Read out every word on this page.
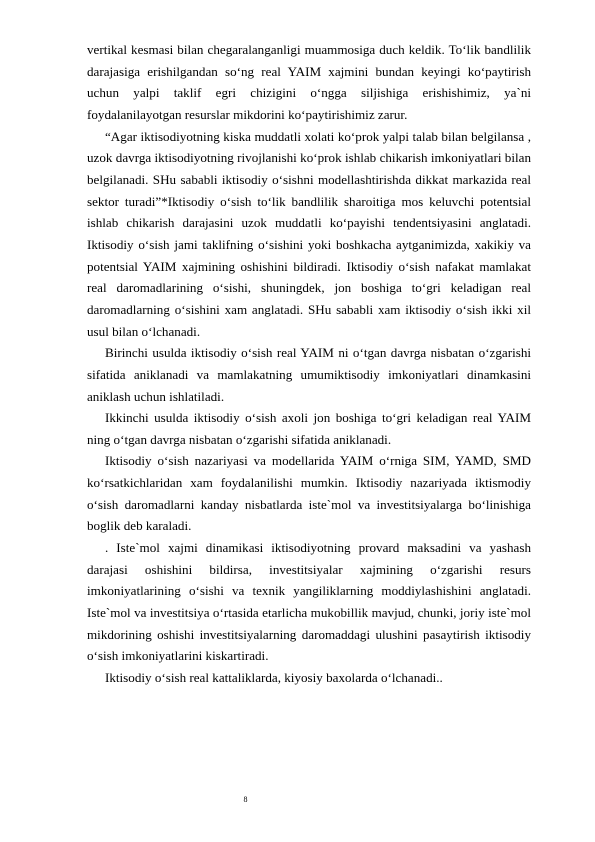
vertikal kesmasi bilan chegaralanganligi muammosiga duch keldik. To‘lik bandlilik darajasiga erishilgandan so‘ng real YAIM xajmini bundan keyingi ko‘paytirish uchun yalpi taklif egri chizigini o‘ngga siljishiga erishishimiz, ya`ni foydalanilayotgan resurslar mikdorini ko‘paytirishimiz zarur.

“Agar iktisodiyotning kiska muddatli xolati ko‘prok yalpi talab bilan belgilansa , uzok davrga iktisodiyotning rivojlanishi ko‘prok ishlab chikarish imkoniyatlari bilan belgilanadi. SHu sababli iktisodiy o‘sishni modellashtirishda dikkat markazida real sektor turadi”*Iktisodiy o‘sish to‘lik bandlilik sharoitiga mos keluvchi potentsial ishlab chikarish darajasini uzok muddatli ko‘payishi tendentsiyasini anglatadi. Iktisodiy o‘sish jami taklifning o‘sishini yoki boshkacha aytganimizda, xakikiy va potentsial YAIM xajmining oshishini bildiradi. Iktisodiy o‘sish nafakat mamlakat real daromadlarining o‘sishi, shuningdek, jon boshiga to‘gri keladigan real daromadlarning o‘sishini xam anglatadi. SHu sababli xam iktisodiy o‘sish ikki xil usul bilan o‘lchanadi.

Birinchi usulda iktisodiy o‘sish real YAIM ni o‘tgan davrga nisbatan o‘zgarishi sifatida aniklanadi va mamlakatning umumiktisodiy imkoniyatlari dinamkasini aniklash uchun ishlatiladi.

Ikkinchi usulda iktisodiy o‘sish axoli jon boshiga to‘gri keladigan real YAIM ning o‘tgan davrga nisbatan o‘zgarishi sifatida aniklanadi.

Iktisodiy o‘sish nazariyasi va modellarida YAIM o‘rniga SIM, YAMD, SMD ko‘rsatkichlaridan xam foydalanilishi mumkin. Iktisodiy nazariyada iktismodiy o‘sish daromadlarni kanday nisbatlarda iste`mol va investitsiyalarga bo‘linishiga boglik deb karaladi.

. Iste`mol xajmi dinamikasi iktisodiyotning provard maksadini va yashash darajasi oshishini bildirsa, investitsiyalar xajmining o‘zgarishi resurs imkoniyatlarining o‘sishi va texnik yangiliklarning moddiylashishini anglatadi. Iste`mol va investitsiya o‘rtasida etarlicha mukobillik mavjud, chunki, joriy iste`mol mikdorining oshishi investitsiyalarning daromaddagi ulushini pasaytirish iktisodiy o‘sish imkoniyatlarini kiskartiradi.

Iktisodiy o‘sish real kattaliklarda, kiyosiy baxolarda o‘lchanadi..

8
